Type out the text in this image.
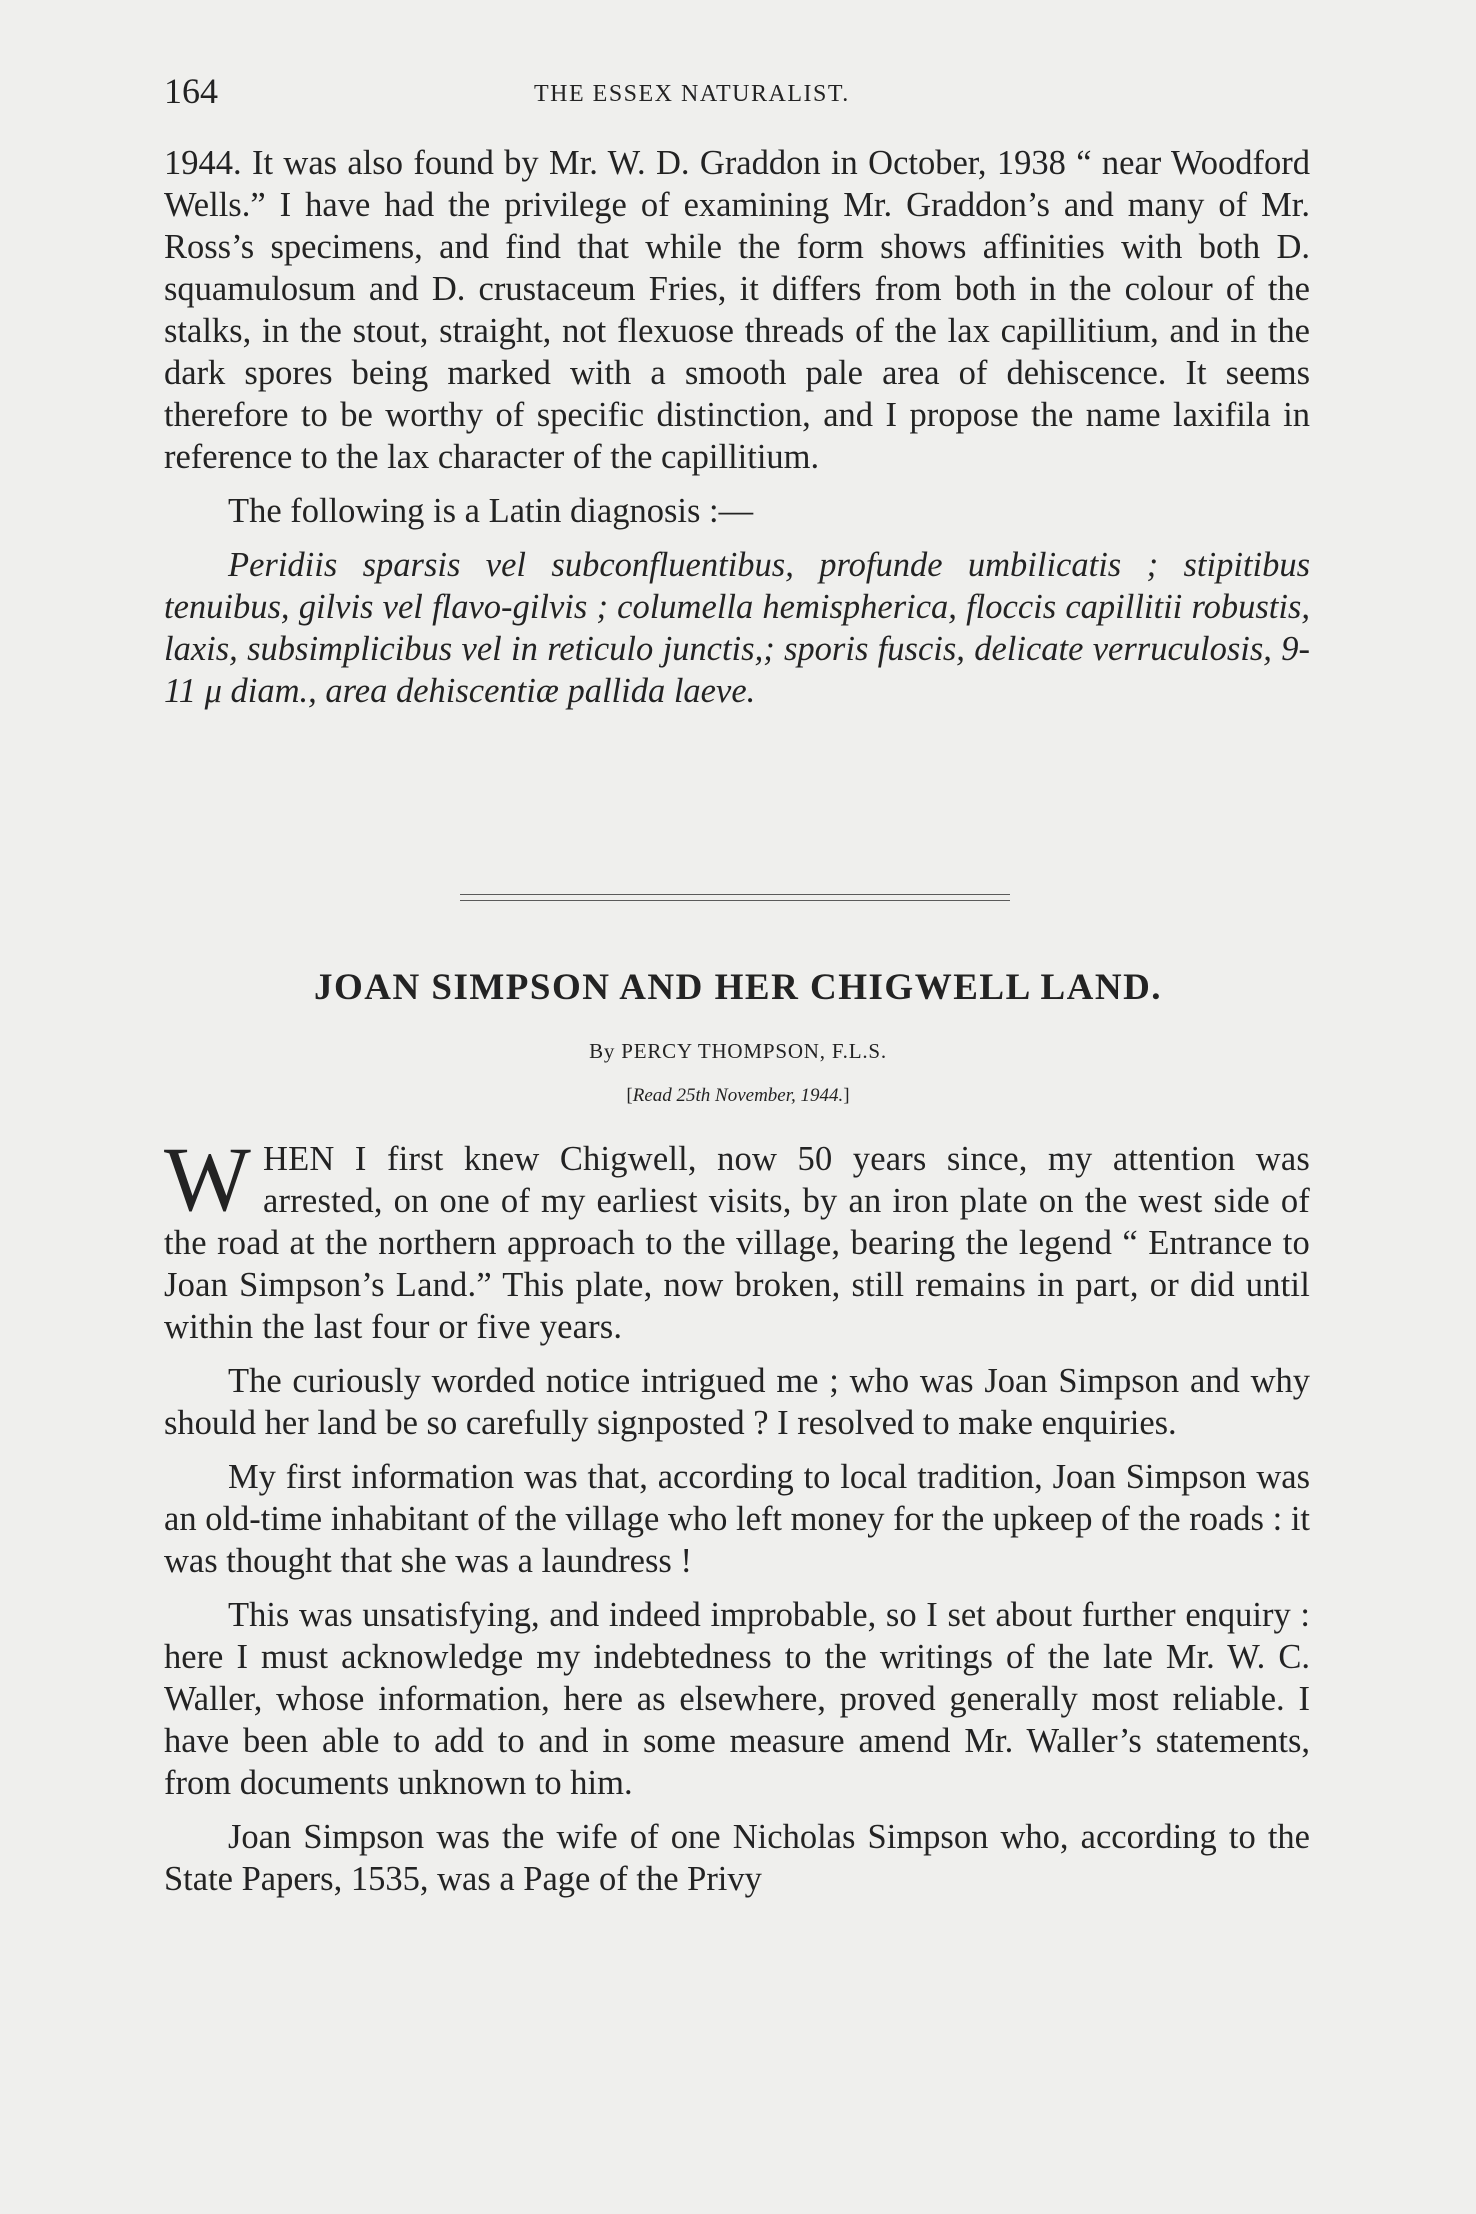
164	THE ESSEX NATURALIST.

1944. It was also found by Mr. W. D. Graddon in October, 1938 “ near Woodford Wells.” I have had the privilege of examining Mr. Graddon’s and many of Mr. Ross’s specimens, and find that while the form shows affinities with both D. squamulosum and D. crustaceum Fries, it differs from both in the colour of the stalks, in the stout, straight, not flexuose threads of the lax capillitium, and in the dark spores being marked with a smooth pale area of dehiscence. It seems therefore to be worthy of specific distinction, and I propose the name laxifila in reference to the lax character of the capillitium.

The following is a Latin diagnosis :—

Peridiis sparsis vel subconfluentibus, profunde umbilicatis ; stipitibus tenuibus, gilvis vel flavo-gilvis ; columella hemispherica, floccis capillitii robustis, laxis, subsimplicibus vel in reticulo junctis,; sporis fuscis, delicate verruculosis, 9-11 μ diam., area dehiscentiæ pallida laeve.

JOAN SIMPSON AND HER CHIGWELL LAND.
By PERCY THOMPSON, F.L.S.
[Read 25th November, 1944.]

WHEN I first knew Chigwell, now 50 years since, my attention was arrested, on one of my earliest visits, by an iron plate on the west side of the road at the northern approach to the village, bearing the legend “ Entrance to Joan Simpson’s Land.” This plate, now broken, still remains in part, or did until within the last four or five years.

The curiously worded notice intrigued me ; who was Joan Simpson and why should her land be so carefully signposted ? I resolved to make enquiries.

My first information was that, according to local tradition, Joan Simpson was an old-time inhabitant of the village who left money for the upkeep of the roads : it was thought that she was a laundress !

This was unsatisfying, and indeed improbable, so I set about further enquiry : here I must acknowledge my indebtedness to the writings of the late Mr. W. C. Waller, whose information, here as elsewhere, proved generally most reliable. I have been able to add to and in some measure amend Mr. Waller’s statements, from documents unknown to him.

Joan Simpson was the wife of one Nicholas Simpson who, according to the State Papers, 1535, was a Page of the Privy
